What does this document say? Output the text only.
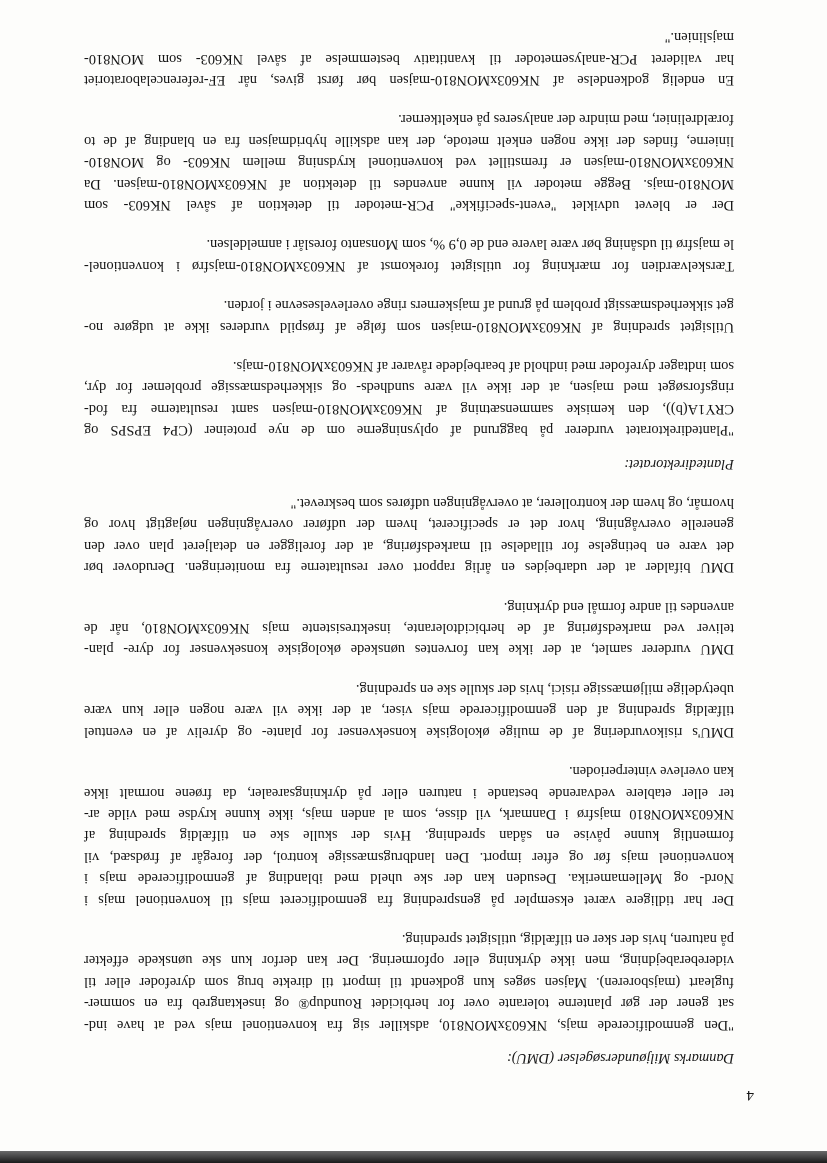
4

Danmarks Miljøundersøgelser (DMU):

"Den genmodificerede majs, NK603xMON810, adskiller sig fra konventionel majs ved at have ind-
sat gener der gør planterne tolerante over for herbicidet Roundup® og insektangreb fra en sommer-
fugleart (majsboreren). Majsen søges kun godkendt til import til direkte brug som dyrefoder eller til
videreberabejdning, men ikke dyrkning eller opformering. Der kan derfor kun ske uønskede effekter
på naturen, hvis der sker en tilfældig, utilsigtet spredning.
Der har tidligere været eksempler på genspredning fra genmodificeret majs til konventionel majs i
Nord- og Mellemamerika. Desuden kan der ske uheld med iblanding af genmodificerede majs i
konventionel majs før og efter import. Den landbrugsmæssige kontrol, der foregår af frødsæd, vil
formentlig kunne påvise en sådan spredning. Hvis der skulle ske en tilfældig spredning af
NK603xMON810 majsfrø i Danmark, vil disse, som al anden majs, ikke kunne krydse med vilde ar-
ter eller etablere vedvarende bestande i naturen eller på dyrkningsarealer, da frøene normalt ikke
kan overleve vinterperioden.
DMU's risikovurdering af de mulige økologiske konsekvenser for plante- og dyreliv af en eventuel
tilfældig spredning af den genmodificerede majs viser, at der ikke vil være nogen eller kun være
ubetydelige miljømæssige risici, hvis der skulle ske en spredning.
DMU vurderer samlet, at der ikke kan forventes uønskede økologiske konsekvenser for dyre- plan-
teliver ved markedsføring af de herbicidtolerante, insektresistente majs NK603xMON810, når de
anvendes til andre formål end dyrkning.
DMU bifalder at der udarbejdes en årlig rapport over resultaterne fra moniteringen. Derudover bør
det være en betingelse for tilladelse til markedsføring, at der foreligger en detaljeret plan over den
generelle overvågning, hvor det er specificeret, hvem der udfører overvågningen nøjagtigt hvor og
hvornår, og hvem der kontrollerer, at overvågningen udføres som beskrevet."

Plantedirektoratet:

"Plantedirektoratet vurderer på baggrund af oplysningerne om de nye proteiner (CP4 EPSPS og
CRY1A(b)), den kemiske sammensætning af NK603xMON810-majsen samt resultaterne fra fod-
ringsforsøget med majsen, at der ikke vil være sundheds- og sikkerhedsmæssige problemer for dyr,
som indtager dyrefoder med indhold af bearbejdede råvarer af NK603xMON810-majs.
Utilsigtet spredning af NK603xMON810-majsen som følge af frøspild vurderes ikke at udgøre no-
get sikkerhedsmæssigt problem på grund af majskerners ringe overlevelsesevne i jorden.
Tærskelværdien for mærkning for utilsigtet forekomst af NK603xMON810-majsfrø i konventionel-
le majsfrø til udsåning bør være lavere end de 0,9 %, som Monsanto foreslår i anmeldelsen.
Der er blevet udviklet "event-specifikke" PCR-metoder til detektion af såvel NK603- som
MON810-majs. Begge metoder vil kunne anvendes til detektion af NK603xMON810-majsen. Da
NK603xMON810-majsen er fremstillet ved konventionel krydsning mellem NK603- og MON810-
linierne, findes der ikke nogen enkelt metode, der kan adskille hybridmajsen fra en blanding af de to
forældrelinier, med mindre der analyseres på enkeltkerner.
En endelig godkendelse af NK603xMON810-majsen bør først gives, når EF-referencelaboratoriet
har valideret PCR-analysemetoder til kvantitativ bestemmelse af såvel NK603- som MON810-
majslinien."
